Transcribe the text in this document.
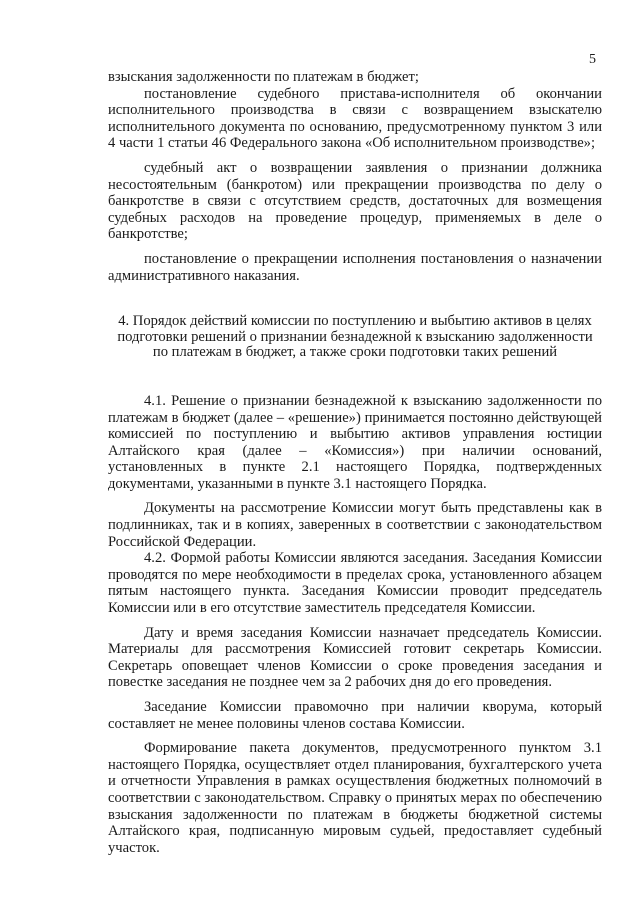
5

взыскания задолженности по платежам в бюджет;

постановление судебного пристава-исполнителя об окончании исполнительного производства в связи с возвращением взыскателю исполнительного документа по основанию, предусмотренному пунктом 3 или 4 части 1 статьи 46 Федерального закона «Об исполнительном производстве»;

судебный акт о возвращении заявления о признании должника несостоятельным (банкротом) или прекращении производства по делу о банкротстве в связи с отсутствием средств, достаточных для возмещения судебных расходов на проведение процедур, применяемых в деле о банкротстве;

постановление о прекращении исполнения постановления о назначении административного наказания.

4. Порядок действий комиссии по поступлению и выбытию активов в целях подготовки решений о признании безнадежной к взысканию задолженности по платежам в бюджет, а также сроки подготовки таких решений

4.1. Решение о признании безнадежной к взысканию задолженности по платежам в бюджет (далее – «решение») принимается постоянно действующей комиссией по поступлению и выбытию активов управления юстиции Алтайского края (далее – «Комиссия») при наличии оснований, установленных в пункте 2.1 настоящего Порядка, подтвержденных документами, указанными в пункте 3.1 настоящего Порядка.

Документы на рассмотрение Комиссии могут быть представлены как в подлинниках, так и в копиях, заверенных в соответствии с законодательством Российской Федерации.

4.2. Формой работы Комиссии являются заседания. Заседания Комиссии проводятся по мере необходимости в пределах срока, установленного абзацем пятым настоящего пункта. Заседания Комиссии проводит председатель Комиссии или в его отсутствие заместитель председателя Комиссии.

Дату и время заседания Комиссии назначает председатель Комиссии. Материалы для рассмотрения Комиссией готовит секретарь Комиссии. Секретарь оповещает членов Комиссии о сроке проведения заседания и повестке заседания не позднее чем за 2 рабочих дня до его проведения.

Заседание Комиссии правомочно при наличии кворума, который составляет не менее половины членов состава Комиссии.

Формирование пакета документов, предусмотренного пунктом 3.1 настоящего Порядка, осуществляет отдел планирования, бухгалтерского учета и отчетности Управления в рамках осуществления бюджетных полномочий в соответствии с законодательством. Справку о принятых мерах по обеспечению взыскания задолженности по платежам в бюджеты бюджетной системы Алтайского края, подписанную мировым судьей, предоставляет судебный участок.
